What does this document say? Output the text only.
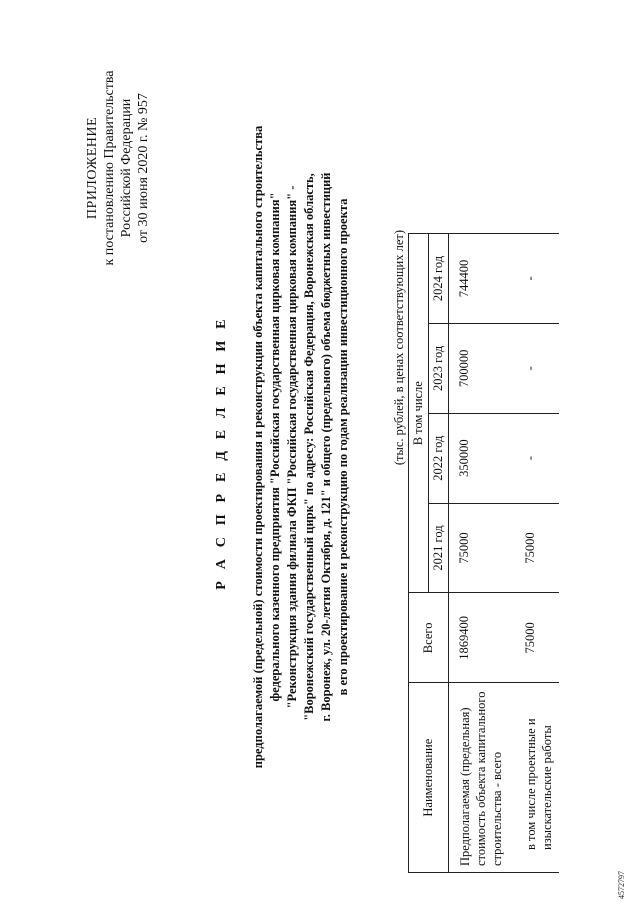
ПРИЛОЖЕНИЕ к постановлению Правительства Российской Федерации от 30 июня 2020 г. № 957
Р А С П Р Е Д Е Л Е Н И Е предполагаемой (предельной) стоимости проектирования и реконструкции объекта капитального строительства федерального казенного предприятия "Российская государственная цирковая компания" "Реконструкция здания филиала ФКП "Российская государственная цирковая компания" - "Воронежский государственный цирк" по адресу: Российская Федерация, Воронежская область, г. Воронеж, ул. 20-летия Октября, д. 121" и общего (предельного) объема бюджетных инвестиций в его проектирование и реконструкцию по годам реализации инвестиционного проекта	(тыс. рублей, в ценах соответствующих лет)
Наименование	Всего	В том числе			
		2021 год	2022 год	2023 год	2024 год
Предполагаемая (предельная) стоимость объекта капитального строительства - всего	1869400	75000	350000	700000	744400
в том числе проектные и изыскательские работы	75000	75000	-	-	-
4572797
